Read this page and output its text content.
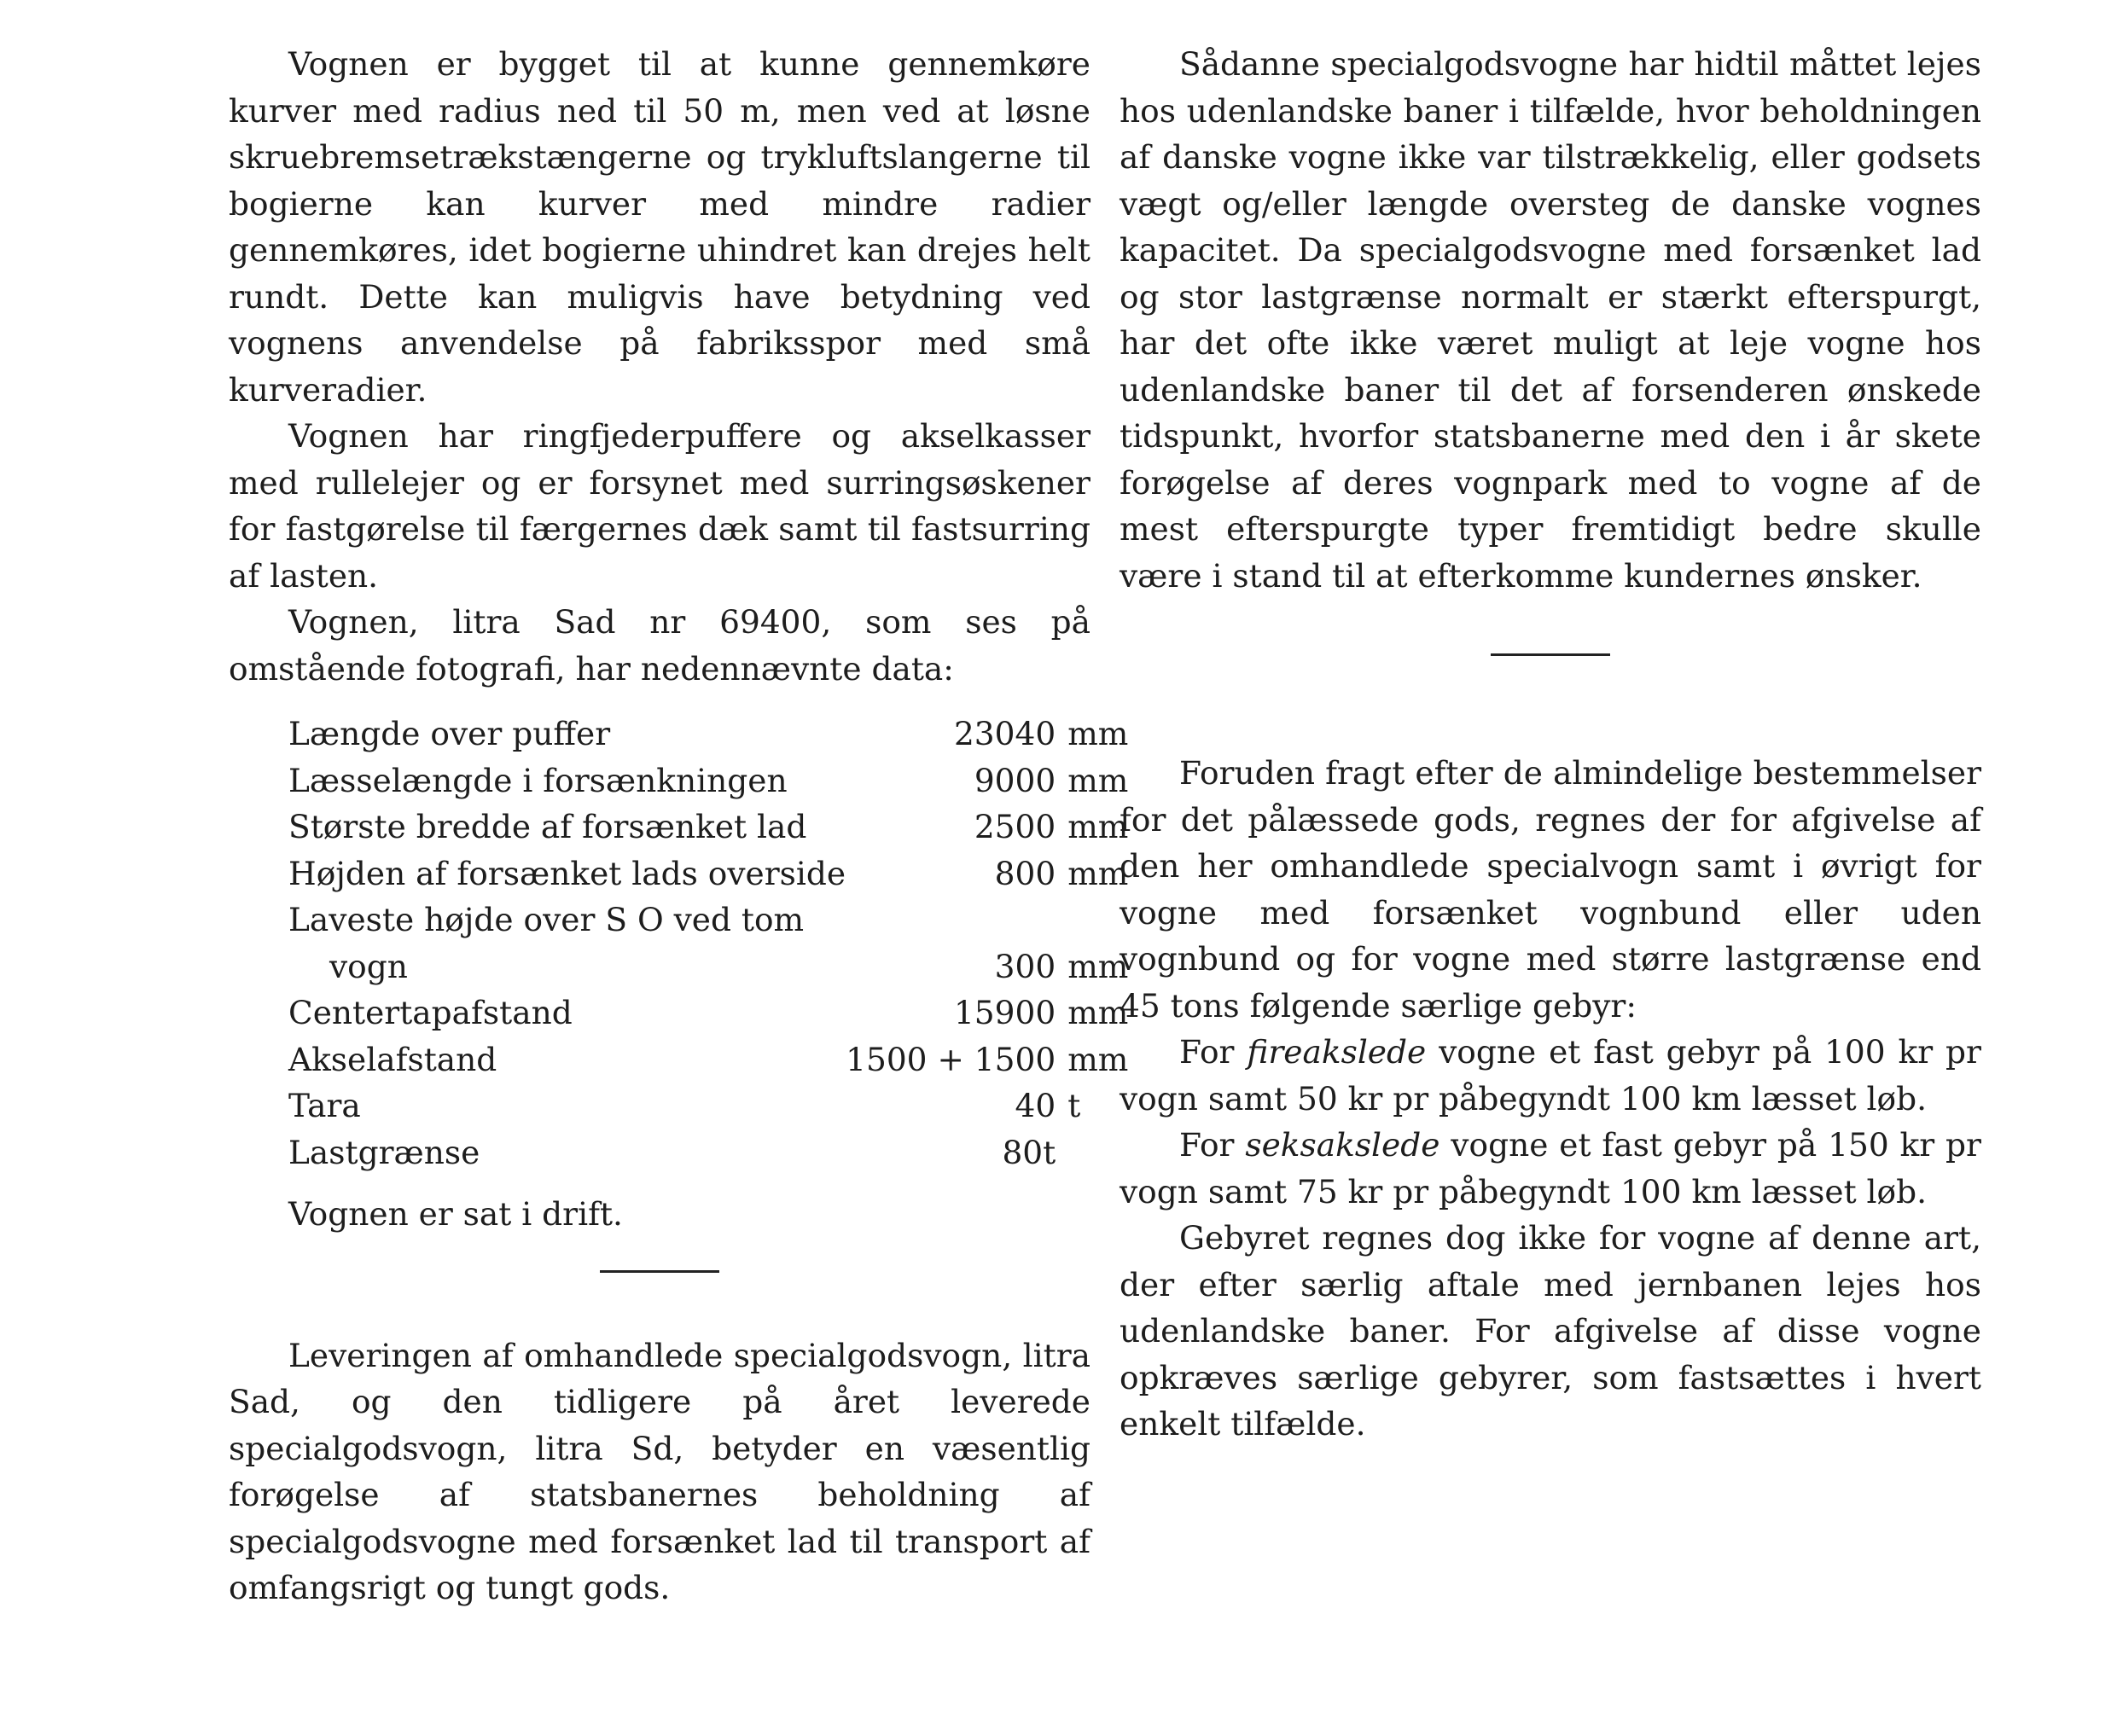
Vognen er bygget til at kunne gennemkøre kurver med radius ned til 50 m, men ved at løsne skruebremsetrækstængerne og trykluftslangerne til bogierne kan kurver med mindre radier gennemkøres, idet bogierne uhindret kan drejes helt rundt. Dette kan muligvis have betydning ved vognens anvendelse på fabriksspor med små kurveradier.

Vognen har ringfjederpuffere og akselkasser med rullelejer og er forsynet med surringsøskener for fastgørelse til færgernes dæk samt til fastsurring af lasten.

Vognen, litra Sad nr 69400, som ses på omstående fotografi, har nedennævnte data:

Længde over puffer	23040	mm
Læsselængde i forsænkningen	9000	mm
Største bredde af forsænket lad	2500	mm
Højden af forsænket lads overside	800	mm
Laveste højde over S O ved tom		
vogn	300	mm
Centertapafstand	15900	mm
Akselafstand	1500 + 1500	mm
Tara	40	t
Lastgrænse	80t	

Vognen er sat i drift.

Leveringen af omhandlede specialgodsvogn, litra Sad, og den tidligere på året leverede specialgodsvogn, litra Sd, betyder en væsentlig forøgelse af statsbanernes beholdning af specialgodsvogne med forsænket lad til transport af omfangsrigt og tungt gods.

Sådanne specialgodsvogne har hidtil måttet lejes hos udenlandske baner i tilfælde, hvor beholdningen af danske vogne ikke var tilstrækkelig, eller godsets vægt og/eller længde oversteg de danske vognes kapacitet. Da specialgodsvogne med forsænket lad og stor lastgrænse normalt er stærkt efterspurgt, har det ofte ikke været muligt at leje vogne hos udenlandske baner til det af forsenderen ønskede tidspunkt, hvorfor statsbanerne med den i år skete forøgelse af deres vognpark med to vogne af de mest efterspurgte typer fremtidigt bedre skulle være i stand til at efterkomme kundernes ønsker.

Foruden fragt efter de almindelige bestemmelser for det pålæssede gods, regnes der for afgivelse af den her omhandlede specialvogn samt i øvrigt for vogne med forsænket vognbund eller uden vognbund og for vogne med større lastgrænse end 45 tons følgende særlige gebyr:

For fireakslede vogne et fast gebyr på 100 kr pr vogn samt 50 kr pr påbegyndt 100 km læsset løb.

For seksakslede vogne et fast gebyr på 150 kr pr vogn samt 75 kr pr påbegyndt 100 km læsset løb.

Gebyret regnes dog ikke for vogne af denne art, der efter særlig aftale med jernbanen lejes hos udenlandske baner. For afgivelse af disse vogne opkræves særlige gebyrer, som fastsættes i hvert enkelt tilfælde.
